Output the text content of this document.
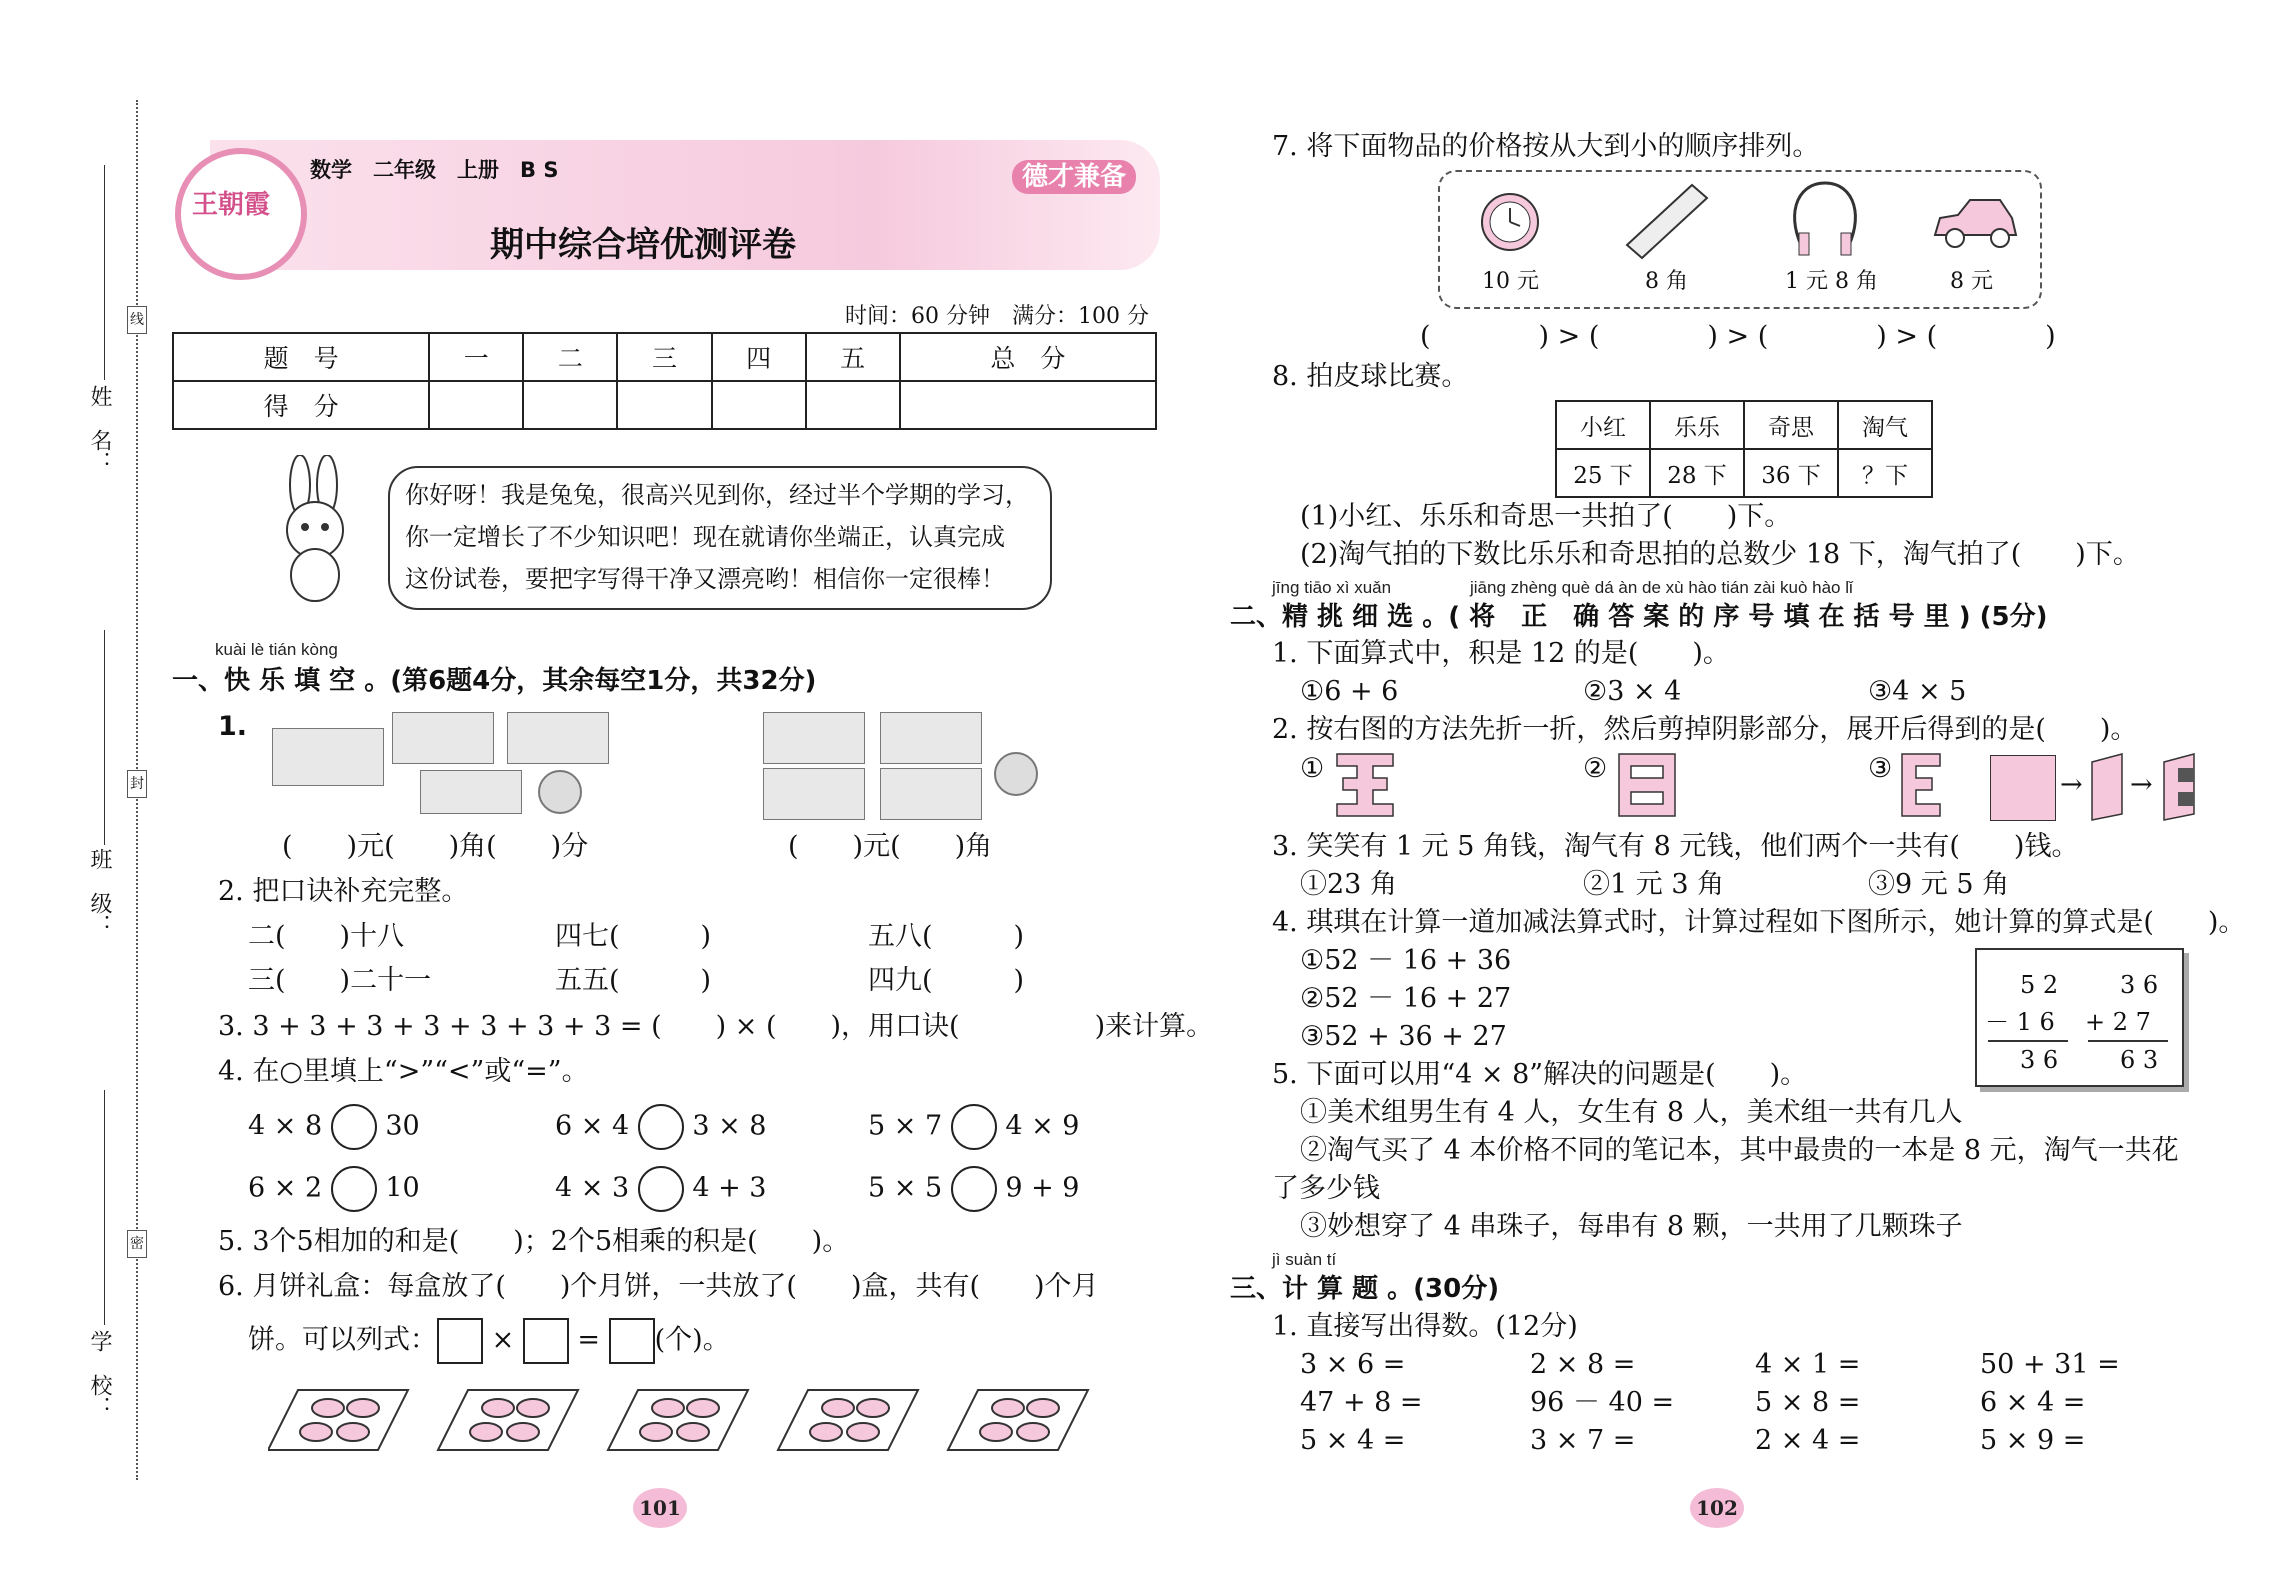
线
封
密
姓　名：
班　级：
学　校：
王朝霞
数学　二年级　上册　B S	德才兼备
期中综合培优测评卷
时间：60 分钟　满分：100 分
题　号	一	二	三	四	五	总　分
得　分						
你好呀！我是兔兔，很高兴见到你，经过半个学期的学习，
你一定增长了不少知识吧！现在就请你坐端正，认真完成
这份试卷，要把字写得干净又漂亮哟！相信你一定很棒！
kuài lè tián kòng
一、快 乐 填 空 。(第6题4分，其余每空1分，共32分)
1.
(　　)元(　　)角(　　)分	(　　)元(　　)角
2. 把口诀补充完整。
二(　　)十八	四七(　　　)	五八(　　　)
三(　　)二十一	五五(　　　)	四九(　　　)
3. 3 + 3 + 3 + 3 + 3 + 3 + 3 = (　　) × (　　)，用口诀(　　　　　)来计算。
4. 在○里填上“>”“<”或“=”。
4 × 8 30	6 × 4 3 × 8	5 × 7 4 × 9
6 × 2 10	4 × 3 4 + 3	5 × 5 9 + 9
5. 3个5相加的和是(　　)；2个5相乘的积是(　　)。
6. 月饼礼盒：每盒放了(　　)个月饼，一共放了(　　)盒，共有(　　)个月
饼。可以列式： × = (个)。
101
7. 将下面物品的价格按从大到小的顺序排列。
10 元	8 角	1 元 8 角	8 元
(　　　　) > (　　　　) > (　　　　) > (　　　　)
8. 拍皮球比赛。
小红	乐乐	奇思	淘气
25 下	28 下	36 下	？下
(1)小红、乐乐和奇思一共拍了(　　)下。
(2)淘气拍的下数比乐乐和奇思拍的总数少 18 下，淘气拍了(　　)下。
jīng tiāo xì xuǎn	jiāng zhèng què dá àn de xù hào tián zài kuò hào lǐ
二、精 挑 细 选 。( 将　正　确 答 案 的 序 号 填 在 括 号 里 ) (5分)
1. 下面算式中，积是 12 的是(　　)。
①6 + 6	②3 × 4	③4 × 5
2. 按右图的方法先折一折，然后剪掉阴影部分，展开后得到的是(　　)。
①	②	③
→ →
3. 笑笑有 1 元 5 角钱，淘气有 8 元钱，他们两个一共有(　　)钱。
①23 角	②1 元 3 角	③9 元 5 角
4. 琪琪在计算一道加减法算式时，计算过程如下图所示，她计算的算式是(　　)。
①52 － 16 + 36
②52 － 16 + 27
③52 + 36 + 27
5 2
－ 1 6
3 6
3 6
+ 2 7
6 3
5. 下面可以用“4 × 8”解决的问题是(　　)。
①美术组男生有 4 人，女生有 8 人，美术组一共有几人
②淘气买了 4 本价格不同的笔记本，其中最贵的一本是 8 元，淘气一共花
了多少钱
③妙想穿了 4 串珠子，每串有 8 颗，一共用了几颗珠子
jì suàn tí
三、计 算 题 。(30分)
1. 直接写出得数。(12分)
3 × 6 =	2 × 8 =	4 × 1 =	50 + 31 =
47 + 8 =	96 － 40 =	5 × 8 =	6 × 4 =
5 × 4 =	3 × 7 =	2 × 4 =	5 × 9 =
102
